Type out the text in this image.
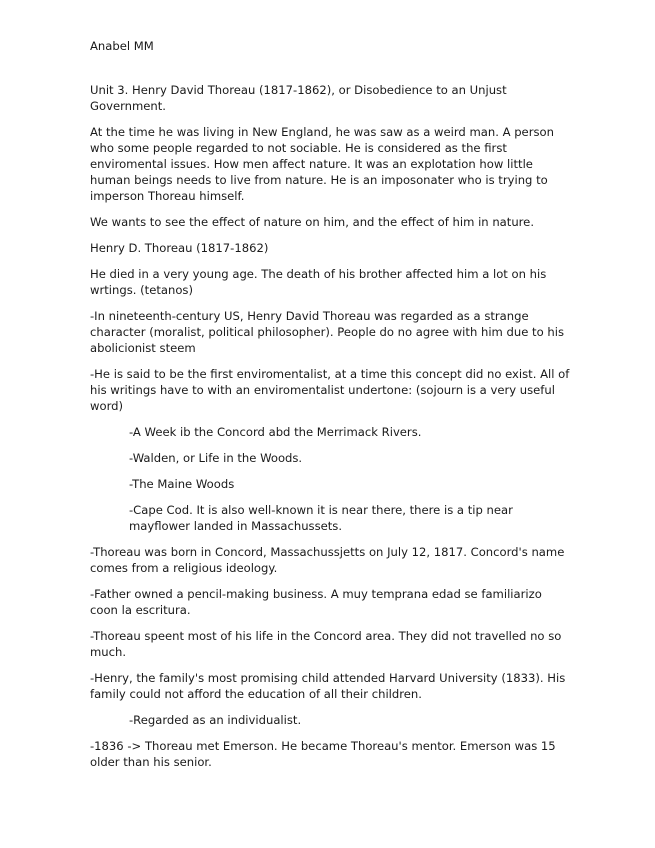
Anabel MM

Unit 3. Henry David Thoreau (1817-1862), or Disobedience to an Unjust Government.

At the time he was living in New England, he was saw as a weird man. A person who some people regarded to not sociable. He is considered as the first enviromental issues. How men affect nature. It was an explotation how little human beings needs to live from nature. He is an imposonater who is trying to imperson Thoreau himself.

We wants to see the effect of nature on him, and the effect of him in nature.

Henry D. Thoreau (1817-1862)

He died in a very young age. The death of his brother affected him a lot on his wrtings. (tetanos)

-In nineteenth-century US, Henry David Thoreau was regarded as a strange character (moralist, political philosopher). People do no agree with him due to his abolicionist steem

-He is said to be the first enviromentalist, at a time this concept did no exist. All of his writings have to with an enviromentalist undertone: (sojourn is a very useful word)

-A Week ib the Concord abd the Merrimack Rivers.

-Walden, or Life in the Woods.

-The Maine Woods

-Cape Cod. It is also well-known it is near there, there is a tip near mayflower landed in Massachussets.

-Thoreau was born in Concord, Massachussjetts on July 12, 1817. Concord's name comes from a religious ideology.

-Father owned a pencil-making business. A muy temprana edad se familiarizo coon la escritura.

-Thoreau speent most of his life in the Concord area. They did not travelled no so much.

-Henry, the family's most promising child attended Harvard University (1833). His family could not afford the education of all their children.

-Regarded as an individualist.

-1836 -> Thoreau met Emerson. He became Thoreau's mentor. Emerson was 15 older than his senior.
